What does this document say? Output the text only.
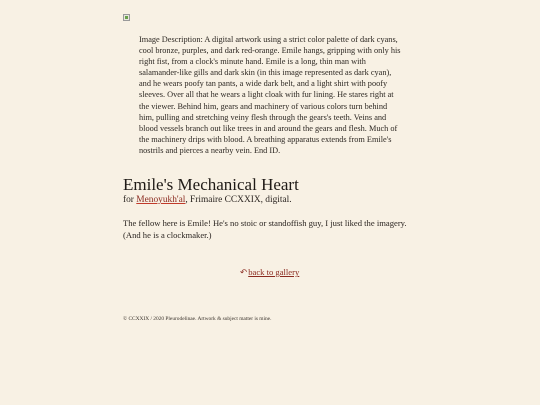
Image Description: A digital artwork using a strict color palette of dark cyans, cool bronze, purples, and dark red-orange. Emile hangs, gripping with only his right fist, from a clock's minute hand. Emile is a long, thin man with salamander-like gills and dark skin (in this image represented as dark cyan), and he wears poofy tan pants, a wide dark belt, and a light shirt with poofy sleeves. Over all that he wears a light cloak with fur lining. He stares right at the viewer. Behind him, gears and machinery of various colors turn behind him, pulling and stretching veiny flesh through the gears's teeth. Veins and blood vessels branch out like trees in and around the gears and flesh. Much of the machinery drips with blood. A breathing apparatus extends from Emile's nostrils and pierces a nearby vein. End ID.

Emile's Mechanical Heart

for Menoyukh'al, Frimaire CCXXIX, digital.

The fellow here is Emile! He's no stoic or standoffish guy, I just liked the imagery. (And he is a clockmaker.)

↶back to gallery

© CCXXIX / 2020 Pleurodelinae. Artwork & subject matter is mine.
